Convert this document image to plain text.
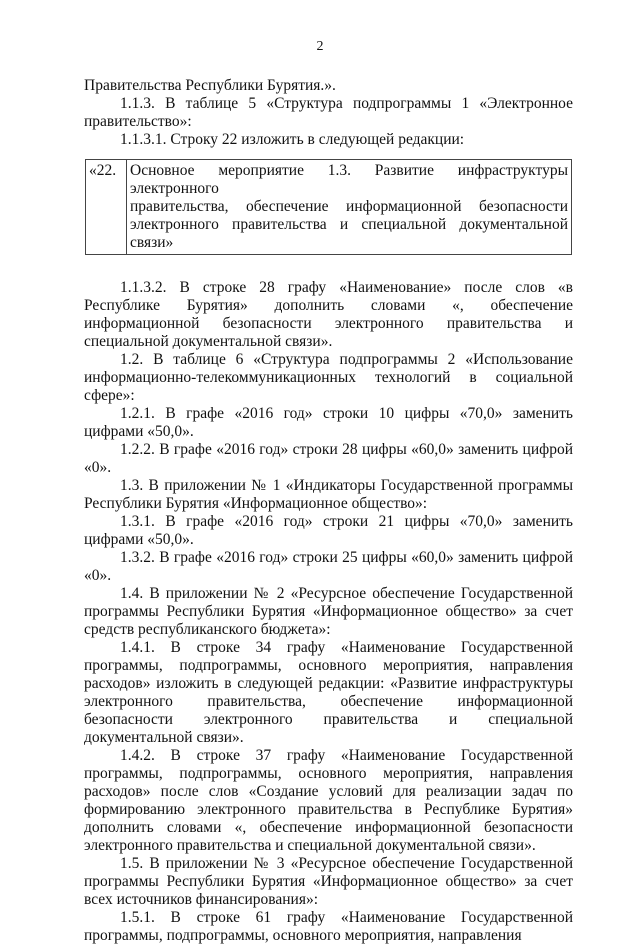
2

Правительства Республики Бурятия.».

1.1.3. В таблице 5 «Структура подпрограммы 1 «Электронное правительство»:

1.1.3.1. Строку 22 изложить в следующей редакции:

«22.	Основное мероприятие 1.3. Развитие инфраструктуры электронного
правительства, обеспечение информационной безопасности
электронного правительства и специальной документальной связи»

1.1.3.2. В строке 28 графу «Наименование» после слов «в Республике Бурятия» дополнить словами «, обеспечение информационной безопасности электронного правительства и специальной документальной связи».

1.2. В таблице 6 «Структура подпрограммы 2 «Использование информационно-телекоммуникационных технологий в социальной сфере»:

1.2.1. В графе «2016 год» строки 10 цифры «70,0» заменить цифрами «50,0».

1.2.2. В графе «2016 год» строки 28 цифры «60,0» заменить цифрой «0».

1.3. В приложении № 1 «Индикаторы Государственной программы Республики Бурятия «Информационное общество»:

1.3.1. В графе «2016 год» строки 21 цифры «70,0» заменить цифрами «50,0».

1.3.2. В графе «2016 год» строки 25 цифры «60,0» заменить цифрой «0».

1.4. В приложении № 2 «Ресурсное обеспечение Государственной программы Республики Бурятия «Информационное общество» за счет средств республиканского бюджета»:

1.4.1. В строке 34 графу «Наименование Государственной программы, подпрограммы, основного мероприятия, направления расходов» изложить в следующей редакции: «Развитие инфраструктуры электронного правительства, обеспечение информационной безопасности электронного правительства и специальной документальной связи».

1.4.2. В строке 37 графу «Наименование Государственной программы, подпрограммы, основного мероприятия, направления расходов» после слов «Создание условий для реализации задач по формированию электронного правительства в Республике Бурятия» дополнить словами «, обеспечение информационной безопасности электронного правительства и специальной документальной связи».

1.5. В приложении № 3 «Ресурсное обеспечение Государственной программы Республики Бурятия «Информационное общество» за счет всех источников финансирования»:

1.5.1. В строке 61 графу «Наименование Государственной программы, подпрограммы, основного мероприятия, направления
